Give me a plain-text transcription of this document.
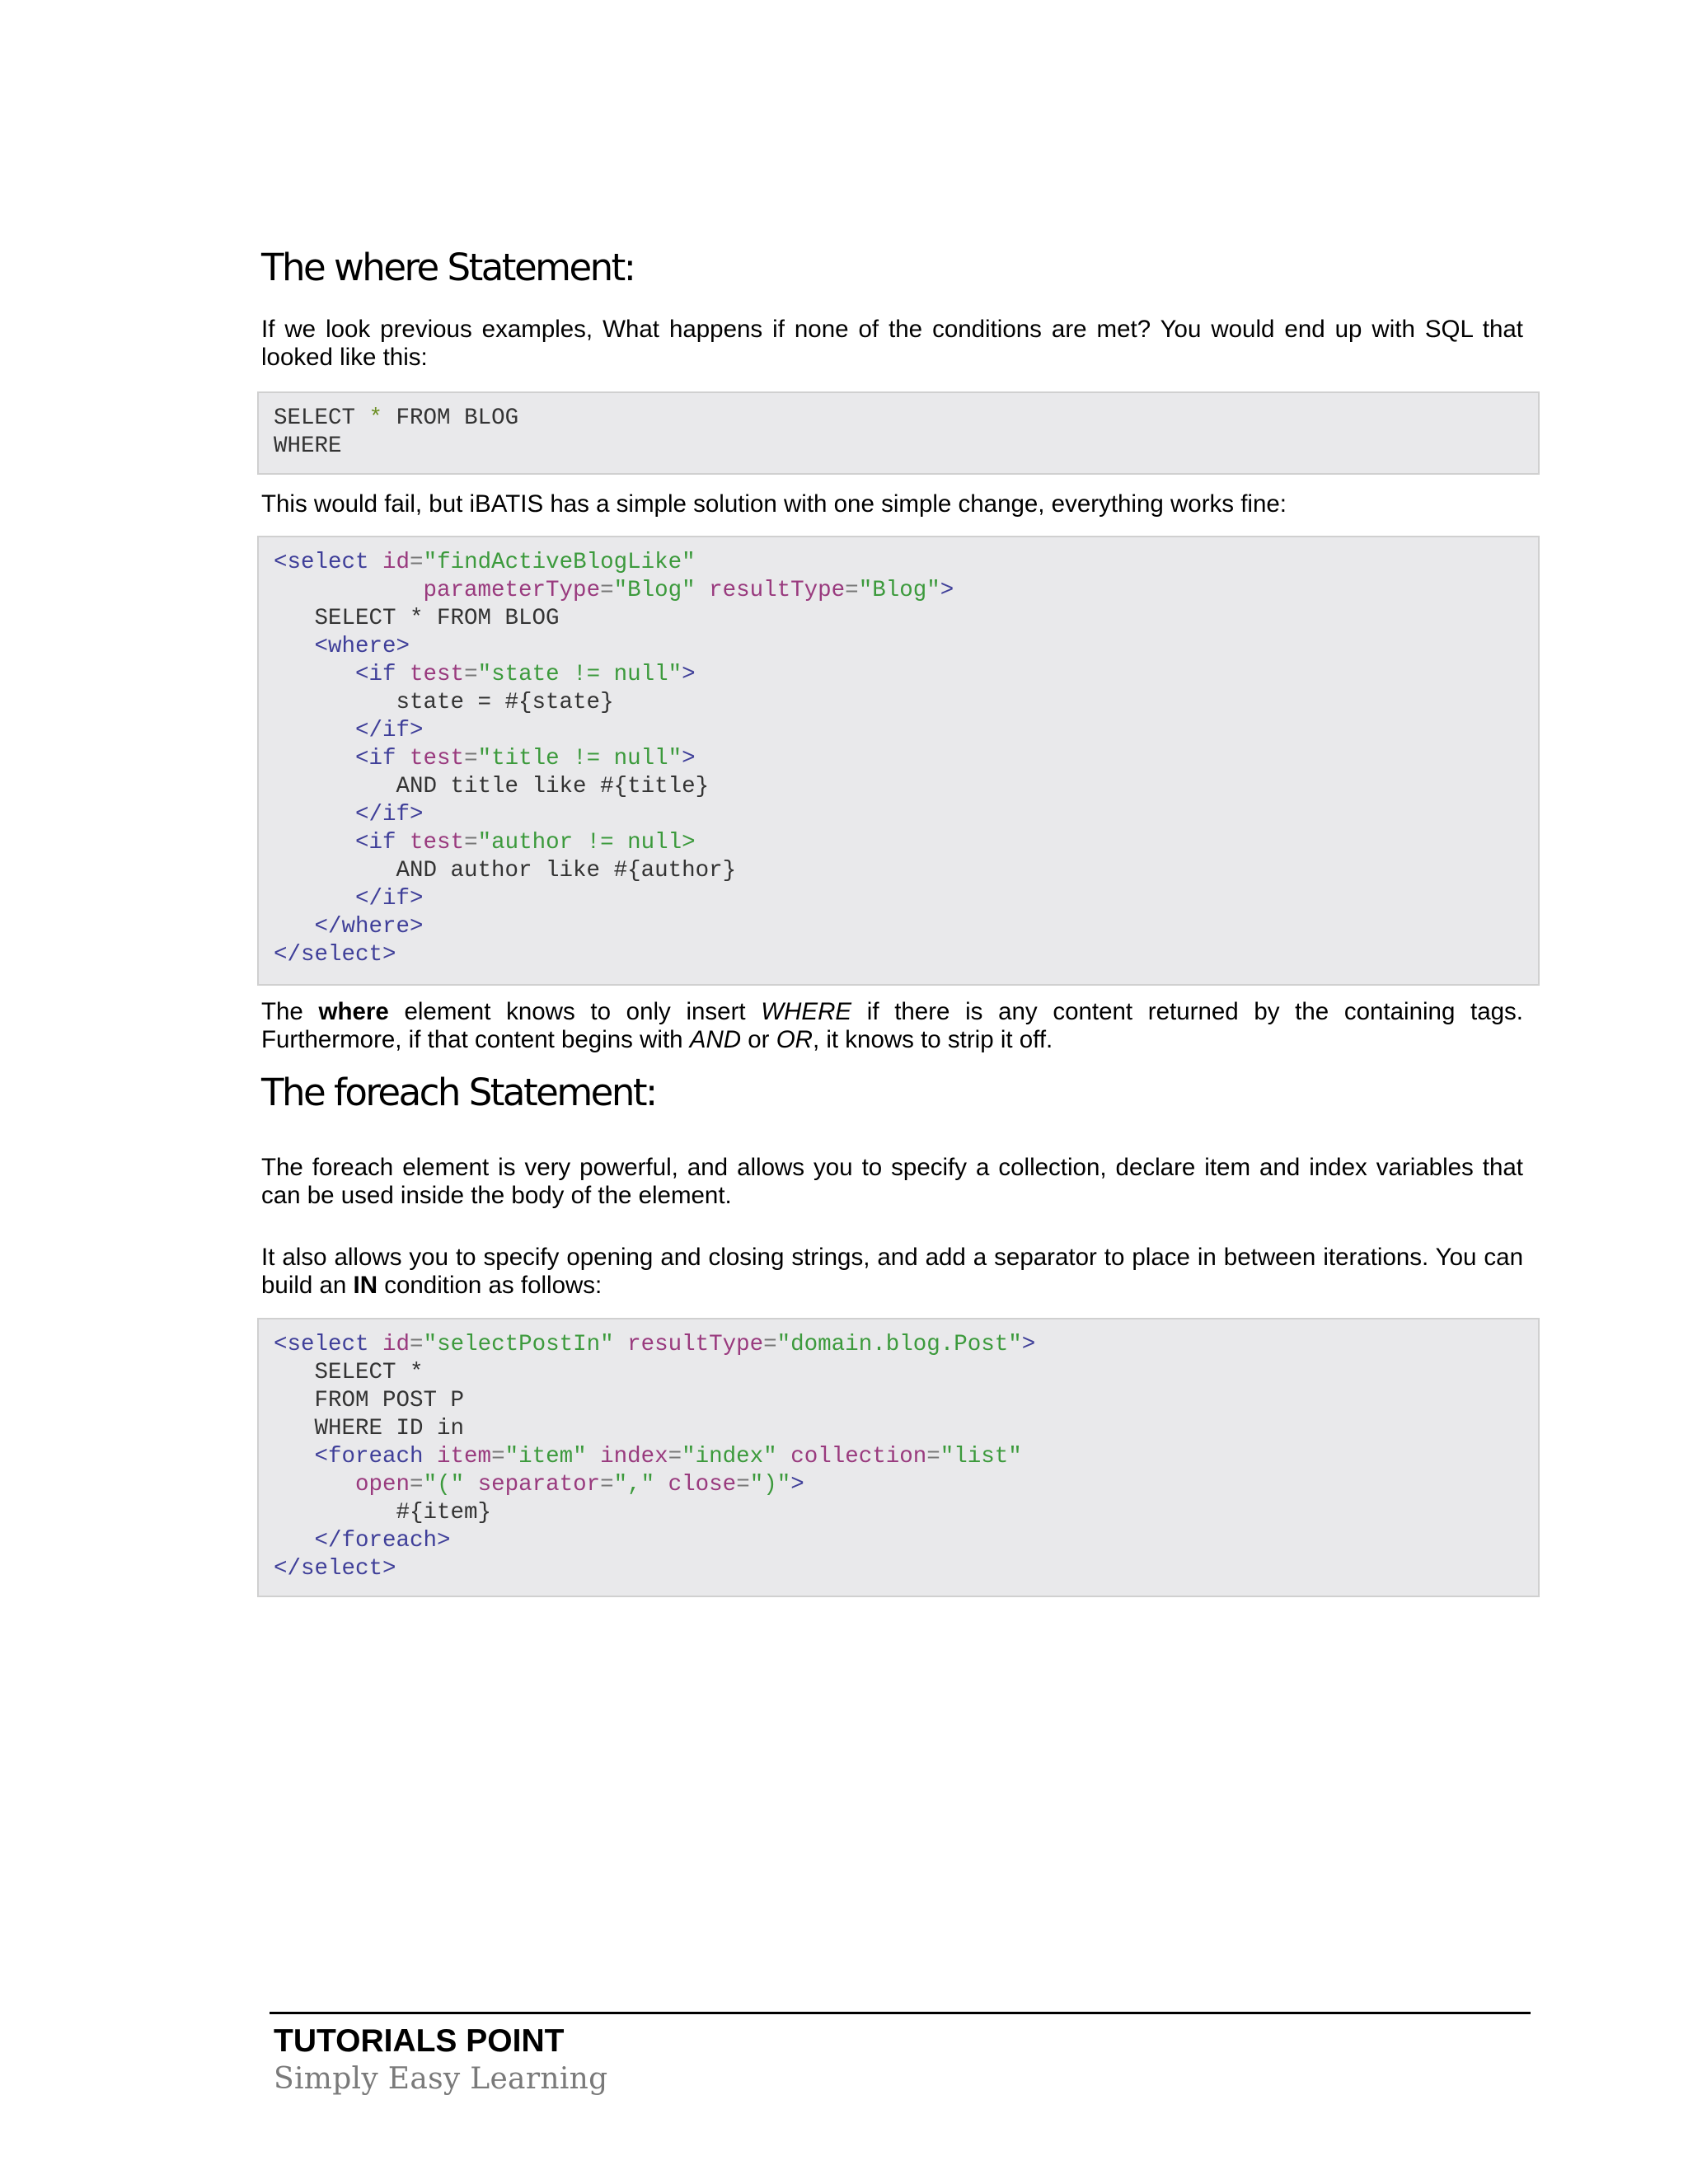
The where Statement:

If we look previous examples, What happens if none of the conditions are met? You would end up with SQL that looked like this:

SELECT * FROM BLOG
WHERE

This would fail, but iBATIS has a simple solution with one simple change, everything works fine:

<select id="findActiveBlogLike"
parameterType="Blog" resultType="Blog">
SELECT * FROM BLOG
<where>
<if test="state != null">
state = #{state}
</if>
<if test="title != null">
AND title like #{title}
</if>
<if test="author != null>
AND author like #{author}
</if>
</where>
</select>

The where element knows to only insert WHERE if there is any content returned by the containing tags. Furthermore, if that content begins with AND or OR, it knows to strip it off.

The foreach Statement:

The foreach element is very powerful, and allows you to specify a collection, declare item and index variables that can be used inside the body of the element.

It also allows you to specify opening and closing strings, and add a separator to place in between iterations. You can build an IN condition as follows:

<select id="selectPostIn" resultType="domain.blog.Post">
SELECT *
FROM POST P
WHERE ID in
<foreach item="item" index="index" collection="list"
open="(" separator="," close=")">
#{item}
</foreach>
</select>
TUTORIALS POINT
Simply Easy Learning
